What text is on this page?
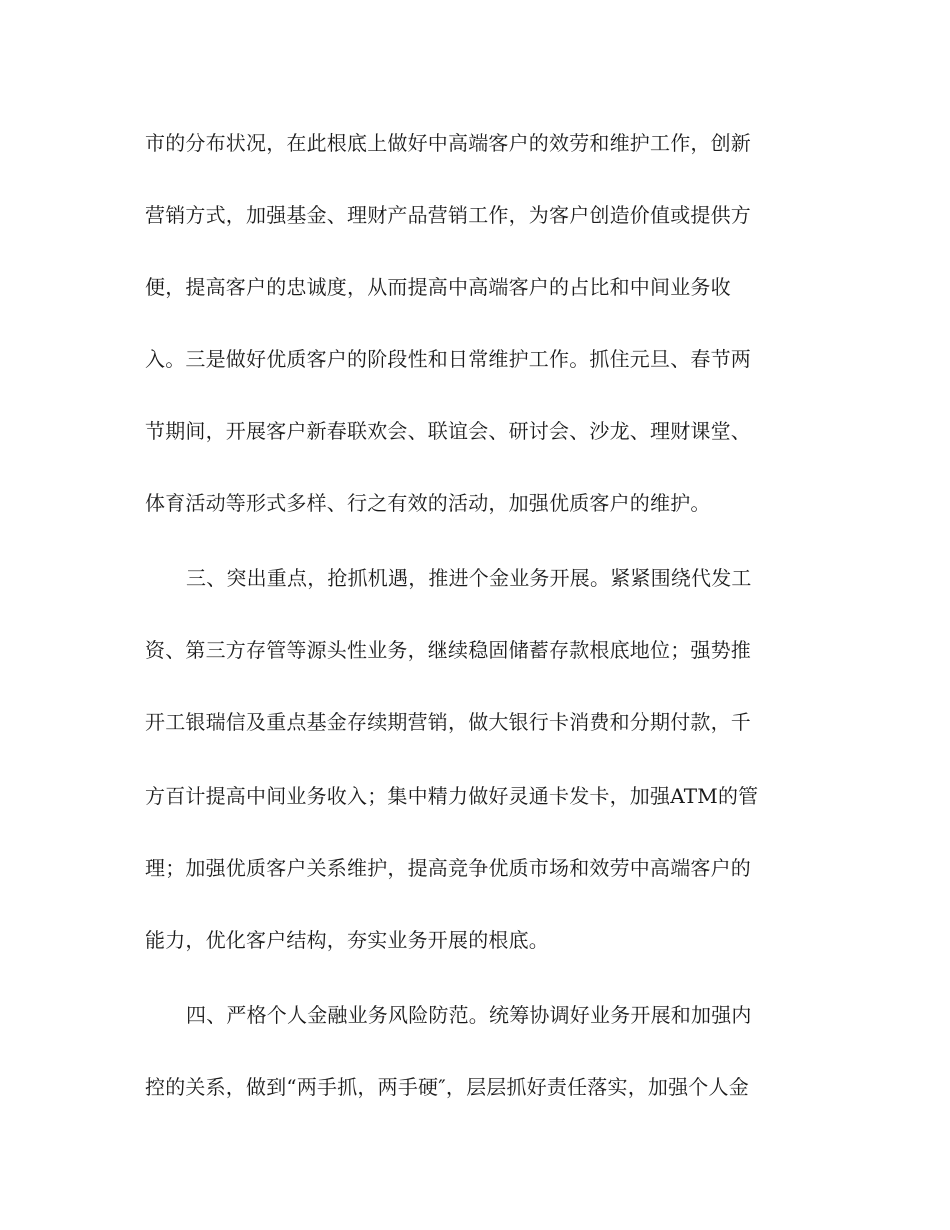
市的分布状况，在此根底上做好中高端客户的效劳和维护工作，创新
营销方式，加强基金、理财产品营销工作，为客户创造价值或提供方
便，提高客户的忠诚度，从而提高中高端客户的占比和中间业务收
入。三是做好优质客户的阶段性和日常维护工作。抓住元旦、春节两
节期间，开展客户新春联欢会、联谊会、研讨会、沙龙、理财课堂、
体育活动等形式多样、行之有效的活动，加强优质客户的维护。
三、突出重点，抢抓机遇，推进个金业务开展。紧紧围绕代发工
资、第三方存管等源头性业务，继续稳固储蓄存款根底地位；强势推
开工银瑞信及重点基金存续期营销，做大银行卡消费和分期付款，千
方百计提高中间业务收入；集中精力做好灵通卡发卡，加强ATM的管
理；加强优质客户关系维护，提高竞争优质市场和效劳中高端客户的
能力，优化客户结构，夯实业务开展的根底。
四、严格个人金融业务风险防范。统筹协调好业务开展和加强内
控的关系，做到“两手抓，两手硬″，层层抓好责任落实，加强个人金
